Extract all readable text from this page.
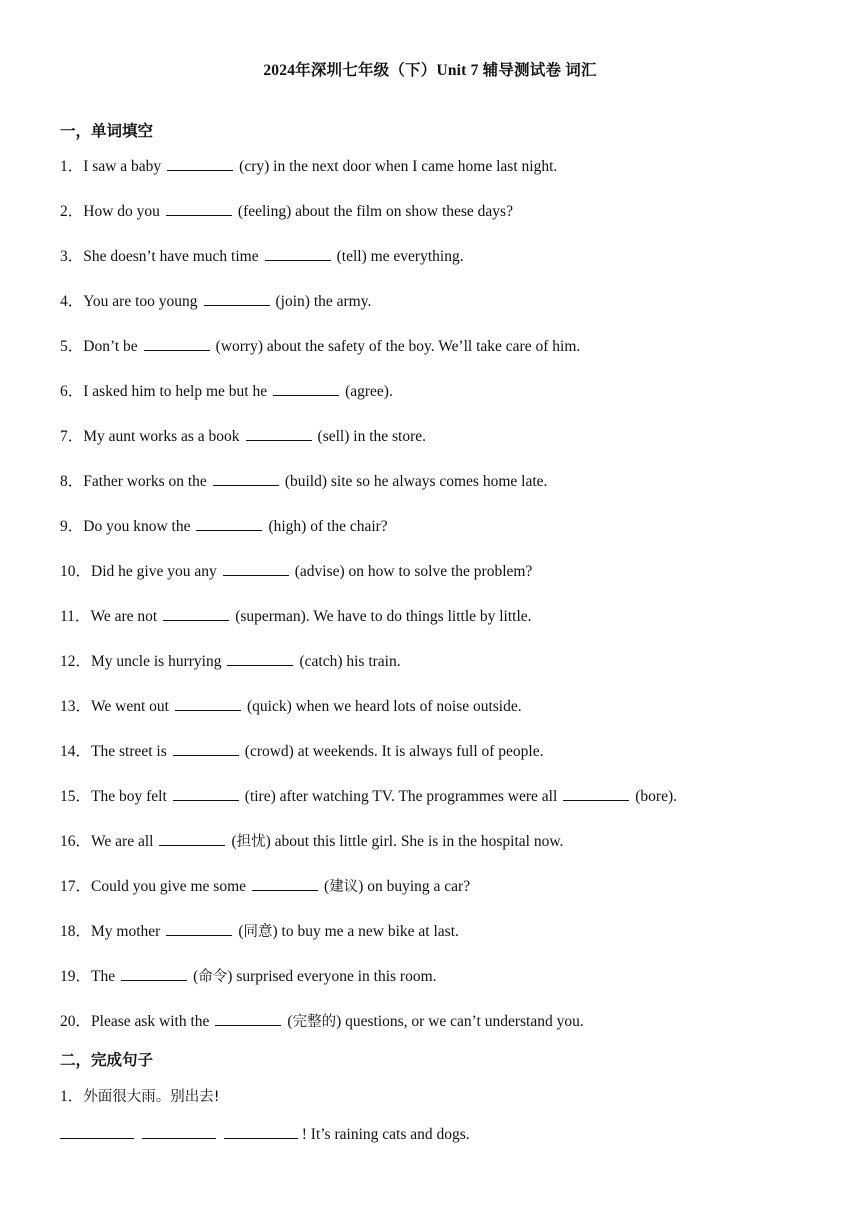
2024年深圳七年级（下）Unit 7 辅导测试卷 词汇
一，单词填空
1．I saw a baby	(cry) in the next door when I came home last night.
2．How do you	(feeling) about the film on show these days?
3．She doesn’t have much time	(tell) me everything.
4．You are too young	(join) the army.
5．Don’t be	(worry) about the safety of the boy. We’ll take care of him.
6．I asked him to help me but he	(agree).
7．My aunt works as a book	(sell) in the store.
8．Father works on the	(build) site so he always comes home late.
9．Do you know the	(high) of the chair?
10．Did he give you any	(advise) on how to solve the problem?
11．We are not	(superman). We have to do things little by little.
12．My uncle is hurrying	(catch) his train.
13．We went out	(quick) when we heard lots of noise outside.
14．The street is	(crowd) at weekends. It is always full of people.
15．The boy felt	(tire) after watching TV. The programmes were all	(bore).
16．We are all	(担忧) about this little girl. She is in the hospital now.
17．Could you give me some	(建议) on buying a car?
18．My mother	(同意) to buy me a new bike at last.
19．The	(命令) surprised everyone in this room.
20．Please ask with the	(完整的) questions, or we can’t understand you.
二，完成句子
1．外面很大雨。别出去!
! It’s raining cats and dogs.
